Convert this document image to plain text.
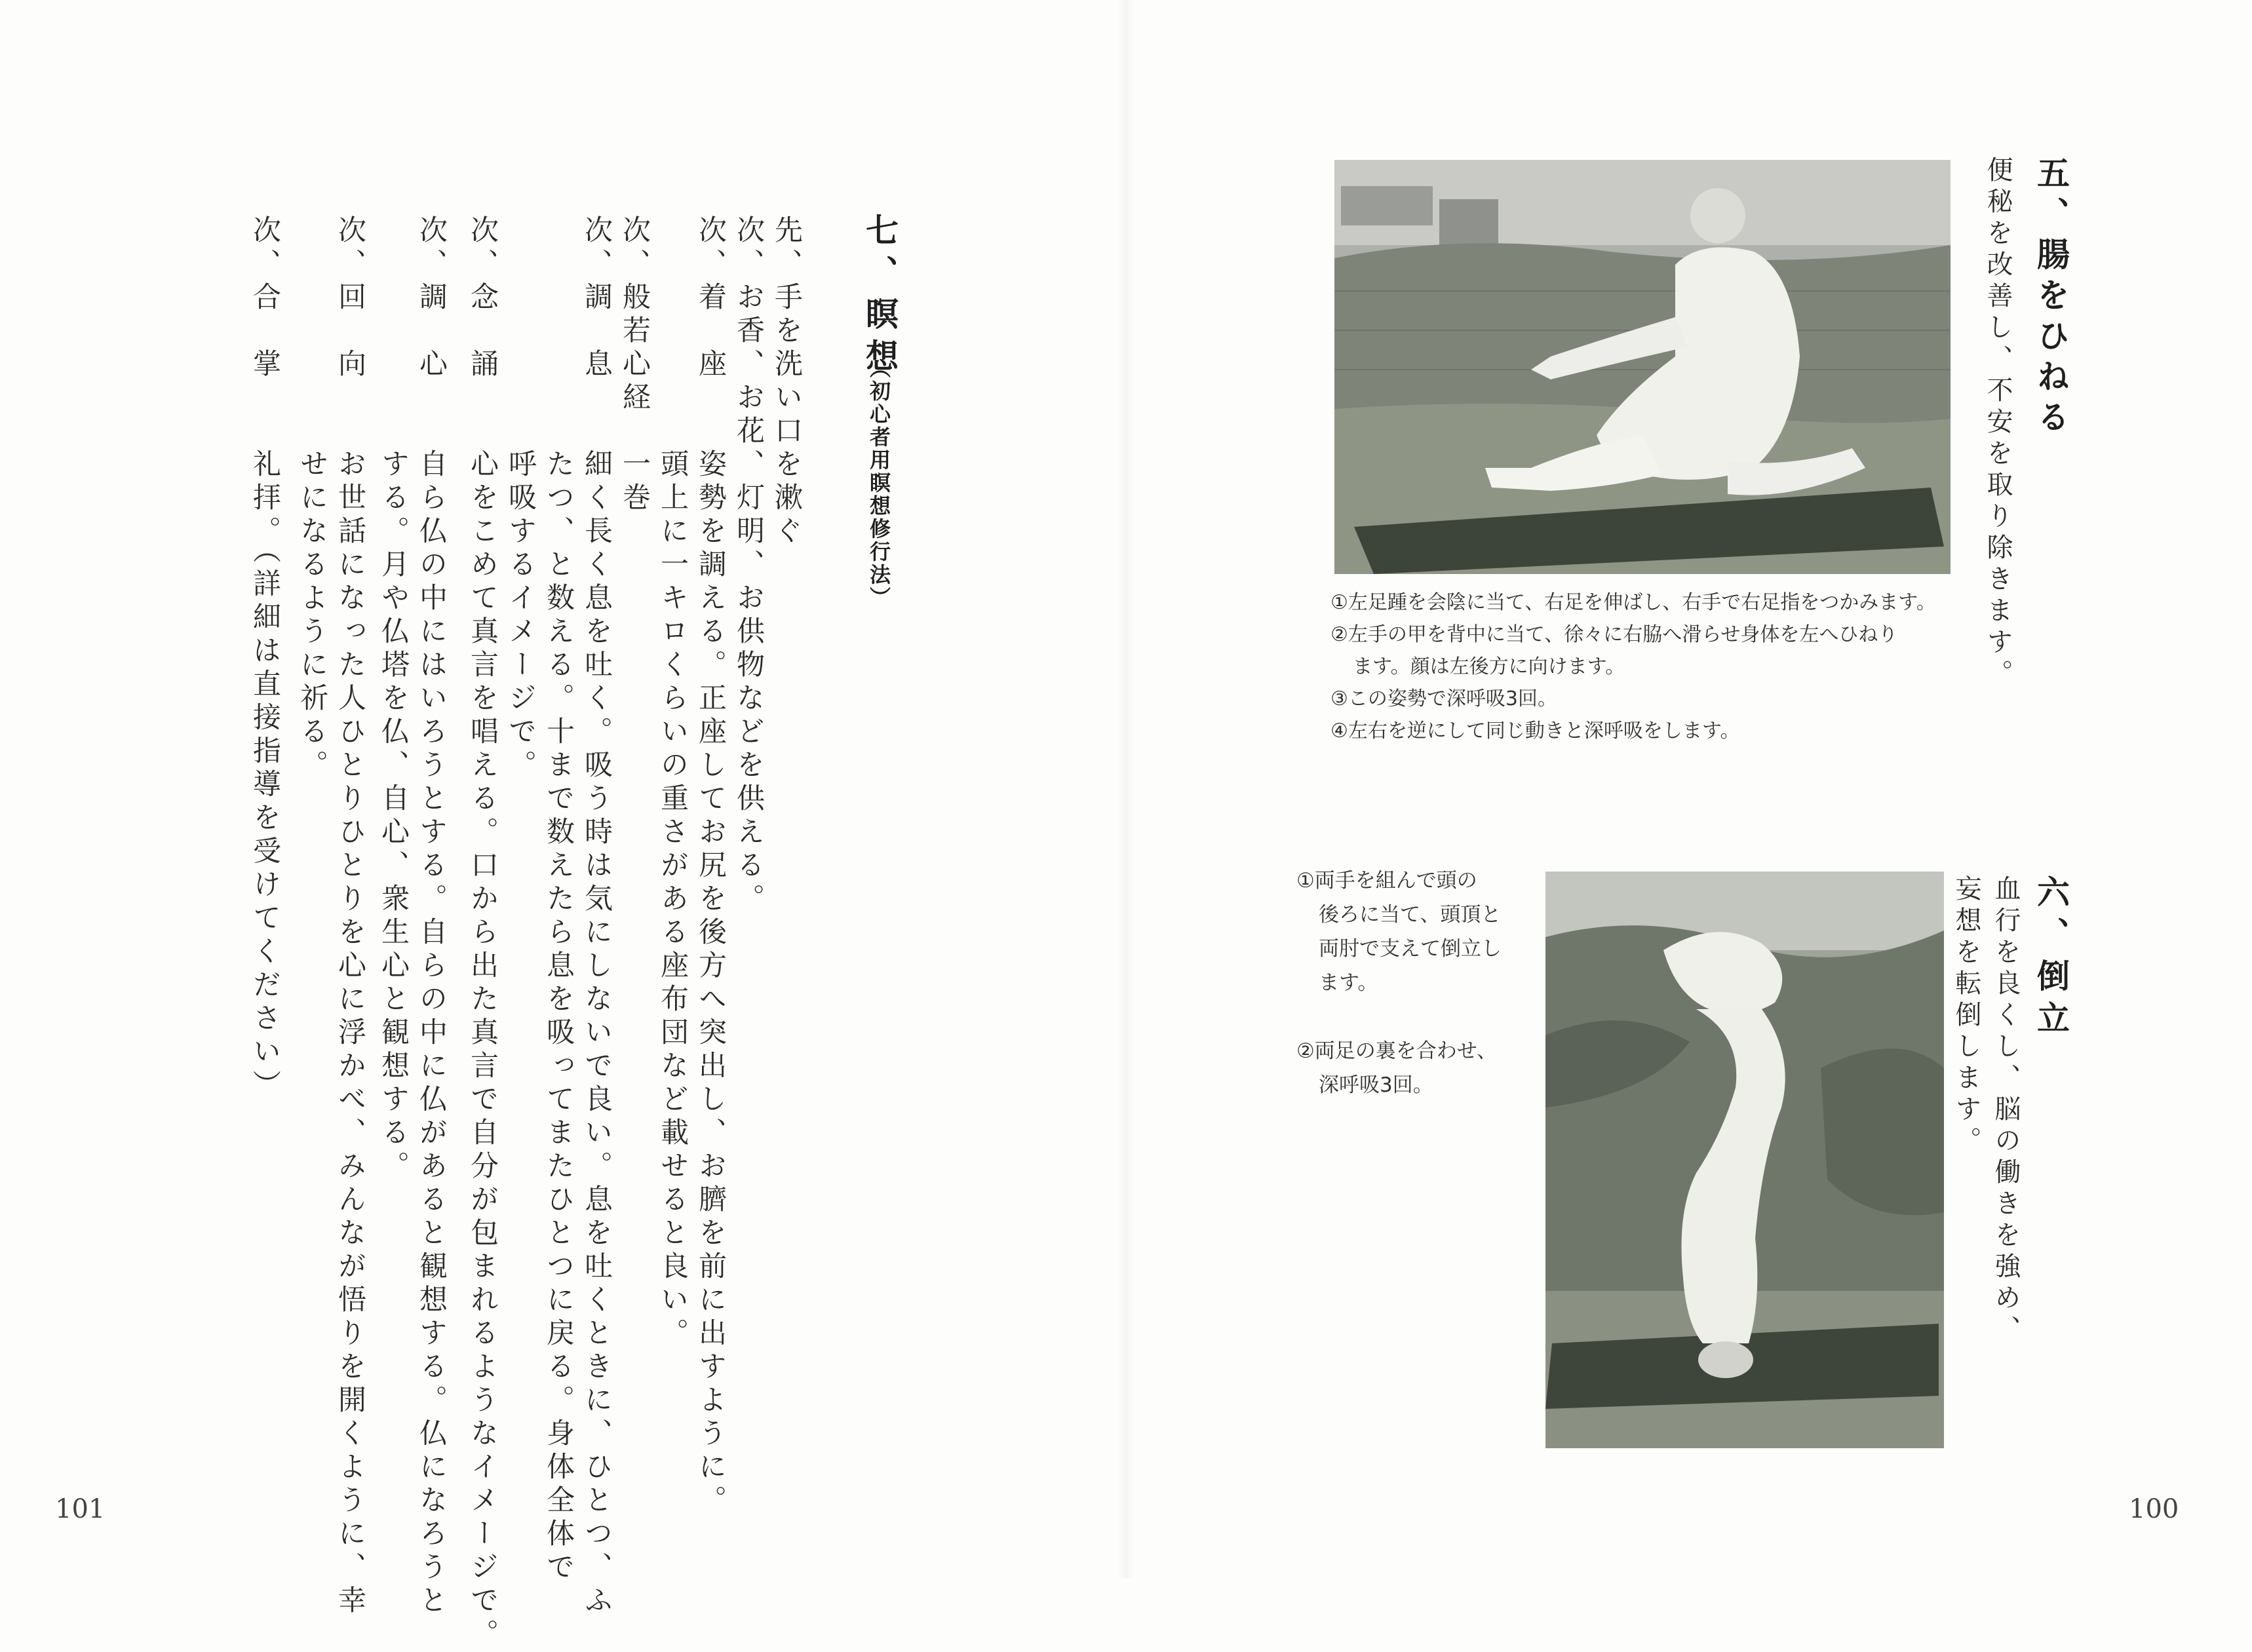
七、瞑想
（初心者用瞑想修行法）
先、手を洗い口を漱ぐ
次、お香、お花、灯明、お供物などを供える。
次、着　座　　姿勢を調える。正座してお尻を後方へ突出し、お臍を前に出すように。
　　　　　　　頭上に一キロくらいの重さがある座布団など載せると良い。
次、般若心経　一巻
次、調　息　　細く長く息を吐く。吸う時は気にしないで良い。息を吐くときに、ひとつ、ふ
　　　　　　　たつ、と数える。十まで数えたら息を吸ってまたひとつに戻る。身体全体で
　　　　　　　呼吸するイメージで。
次、念　誦　　心をこめて真言を唱える。口から出た真言で自分が包まれるようなイメージで。
次、調　心　　自ら仏の中にはいろうとする。自らの中に仏があると観想する。仏になろうと
　　　　　　　する。月や仏塔を仏、自心、衆生心と観想する。
次、回　向　　お世話になった人ひとりひとりを心に浮かべ、みんなが悟りを開くように、幸
　　　　　　　せになるように祈る。
次、合　掌　　礼拝。（詳細は直接指導を受けてください）
101
五、腸をひねる
便秘を改善し、不安を取り除きます。
①左足踵を会陰に当て、右足を伸ばし、右手で右足指をつかみます。
②左手の甲を背中に当て、徐々に右脇へ滑らせ身体を左へひねり
ます。顔は左後方に向けます。
③この姿勢で深呼吸3回。
④左右を逆にして同じ動きと深呼吸をします。
六、倒立
血行を良くし、脳の働きを強め、
妄想を転倒します。
①両手を組んで頭の
後ろに当て、頭頂と
両肘で支えて倒立し
ます。
②両足の裏を合わせ、
深呼吸3回。
100
